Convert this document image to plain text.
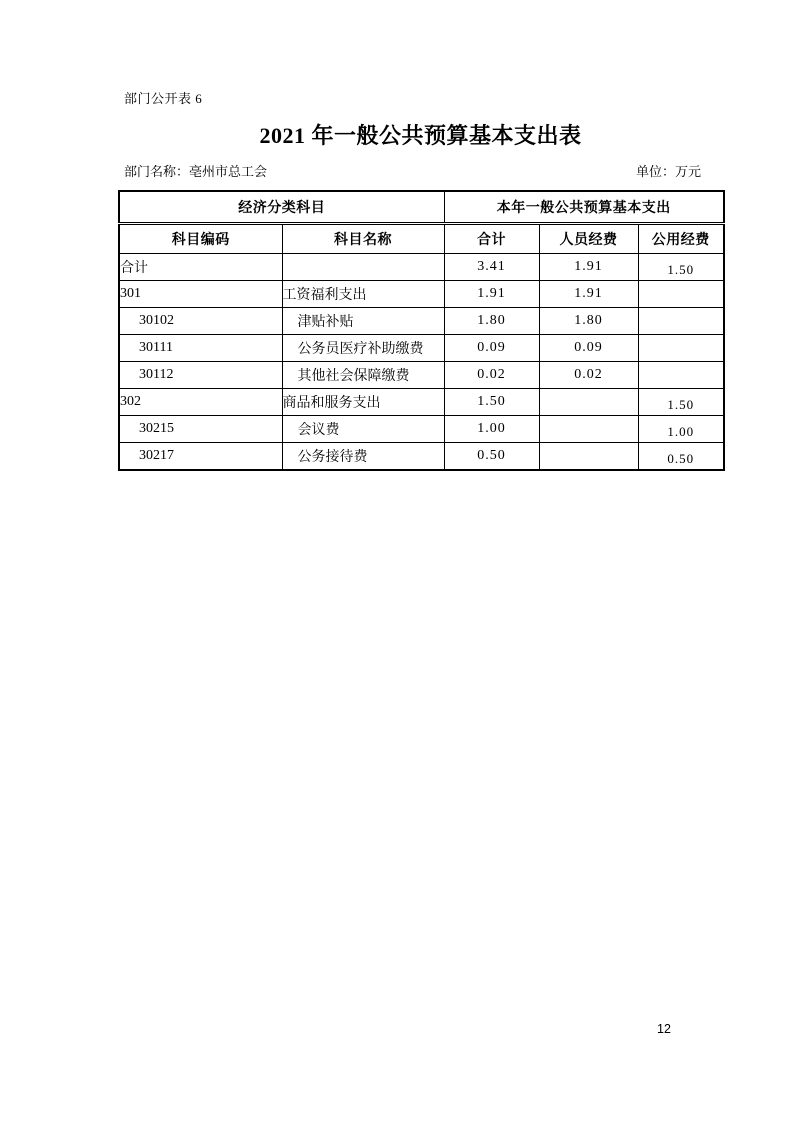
部门公开表 6
2021 年一般公共预算基本支出表
部门名称：亳州市总工会	单位：万元
经济分类科目		本年一般公共预算基本支出		
科目编码	科目名称	合计	人员经费	公用经费
合计		3.41	1.91	1.50
301	工资福利支出	1.91	1.91	
30102	津贴补贴	1.80	1.80	
30111	公务员医疗补助缴费	0.09	0.09	
30112	其他社会保障缴费	0.02	0.02	
302	商品和服务支出	1.50		1.50
30215	会议费	1.00		1.00
30217	公务接待费	0.50		0.50
12
